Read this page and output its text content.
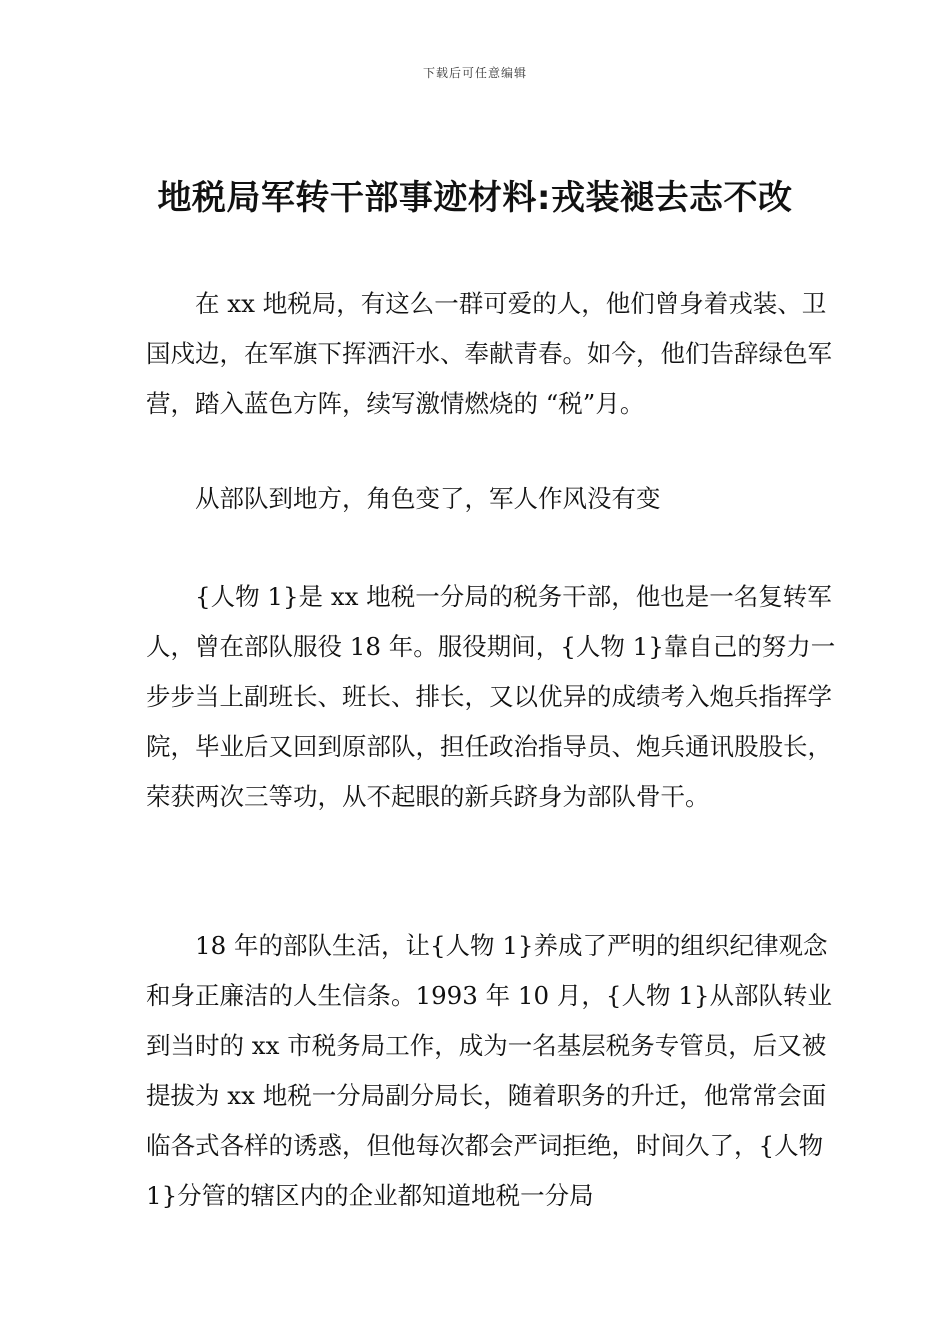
下载后可任意编辑
地税局军转干部事迹材料:戎装褪去志不改

在 xx 地税局，有这么一群可爱的人，他们曾身着戎装、卫国戍边，在军旗下挥洒汗水、奉献青春。如今，他们告辞绿色军营，踏入蓝色方阵，续写激情燃烧的 “税”月。

从部队到地方，角色变了，军人作风没有变

{人物 1}是 xx 地税一分局的税务干部，他也是一名复转军人，曾在部队服役 18 年。服役期间，{人物 1}靠自己的努力一步步当上副班长、班长、排长，又以优异的成绩考入炮兵指挥学院，毕业后又回到原部队，担任政治指导员、炮兵通讯股股长，荣获两次三等功，从不起眼的新兵跻身为部队骨干。

18 年的部队生活，让{人物 1}养成了严明的组织纪律观念和身正廉洁的人生信条。1993 年 10 月，{人物 1}从部队转业到当时的 xx 市税务局工作，成为一名基层税务专管员，后又被提拔为 xx 地税一分局副分局长，随着职务的升迁，他常常会面临各式各样的诱惑，但他每次都会严词拒绝，时间久了，{人物 1}分管的辖区内的企业都知道地税一分局
